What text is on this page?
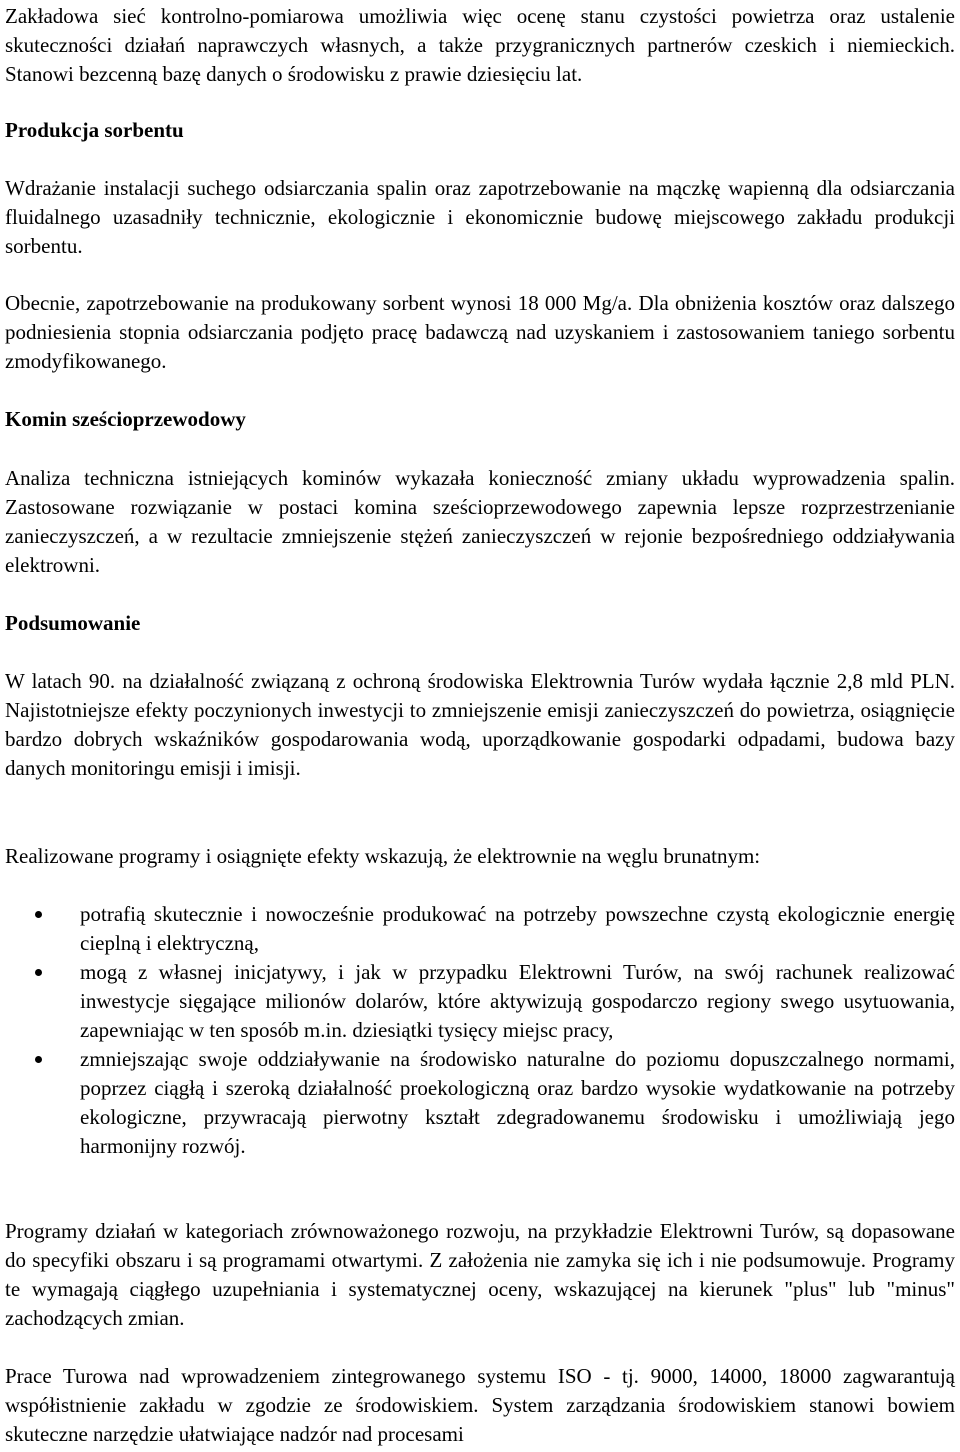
Zakładowa sieć kontrolno-pomiarowa umożliwia więc ocenę stanu czystości powietrza oraz ustalenie skuteczności działań naprawczych własnych, a także przygranicznych partnerów czeskich i niemieckich. Stanowi bezcenną bazę danych o środowisku z prawie dziesięciu lat.

Produkcja sorbentu

Wdrażanie instalacji suchego odsiarczania spalin oraz zapotrzebowanie na mączkę wapienną dla odsiarczania fluidalnego uzasadniły technicznie, ekologicznie i ekonomicznie budowę miejscowego zakładu produkcji sorbentu.

Obecnie, zapotrzebowanie na produkowany sorbent wynosi 18 000 Mg/a. Dla obniżenia kosztów oraz dalszego podniesienia stopnia odsiarczania podjęto pracę badawczą nad uzyskaniem i zastosowaniem taniego sorbentu zmodyfikowanego.

Komin sześcioprzewodowy

Analiza techniczna istniejących kominów wykazała konieczność zmiany układu wyprowadzenia spalin. Zastosowane rozwiązanie w postaci komina sześcioprzewodowego zapewnia lepsze rozprzestrzenianie zanieczyszczeń, a w rezultacie zmniejszenie stężeń zanieczyszczeń w rejonie bezpośredniego oddziaływania elektrowni.

Podsumowanie

W latach 90. na działalność związaną z ochroną środowiska Elektrownia Turów wydała łącznie 2,8 mld PLN. Najistotniejsze efekty poczynionych inwestycji to zmniejszenie emisji zanieczyszczeń do powietrza, osiągnięcie bardzo dobrych wskaźników gospodarowania wodą, uporządkowanie gospodarki odpadami, budowa bazy danych monitoringu emisji i imisji.

Realizowane programy i osiągnięte efekty wskazują, że elektrownie na węglu brunatnym:

potrafią skutecznie i nowocześnie produkować na potrzeby powszechne czystą ekologicznie energię cieplną i elektryczną,
mogą z własnej inicjatywy, i jak w przypadku Elektrowni Turów, na swój rachunek realizować inwestycje sięgające milionów dolarów, które aktywizują gospodarczo regiony swego usytuowania, zapewniając w ten sposób m.in. dziesiątki tysięcy miejsc pracy,
zmniejszając swoje oddziaływanie na środowisko naturalne do poziomu dopuszczalnego normami, poprzez ciągłą i szeroką działalność proekologiczną oraz bardzo wysokie wydatkowanie na potrzeby ekologiczne, przywracają pierwotny kształt zdegradowanemu środowisku i umożliwiają jego harmonijny rozwój.

Programy działań w kategoriach zrównoważonego rozwoju, na przykładzie Elektrowni Turów, są dopasowane do specyfiki obszaru i są programami otwartymi. Z założenia nie zamyka się ich i nie podsumowuje. Programy te wymagają ciągłego uzupełniania i systematycznej oceny, wskazującej na kierunek "plus" lub "minus" zachodzących zmian.

Prace Turowa nad wprowadzeniem zintegrowanego systemu ISO - tj. 9000, 14000, 18000 zagwarantują współistnienie zakładu w zgodzie ze środowiskiem. System zarządzania środowiskiem stanowi bowiem skuteczne narzędzie ułatwiające nadzór nad procesami
